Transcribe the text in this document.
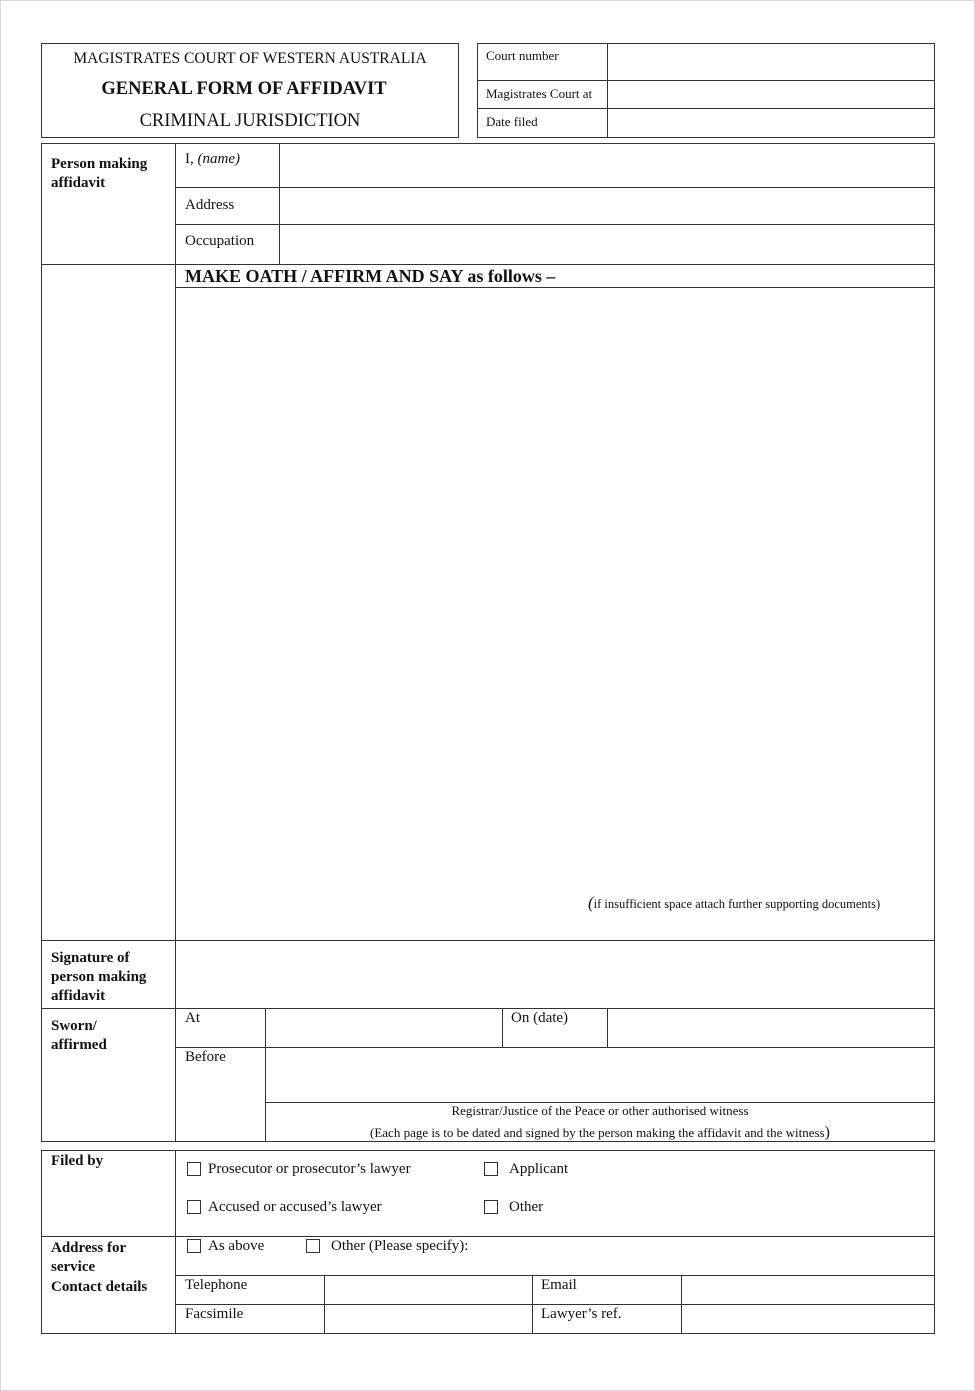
MAGISTRATES COURT OF WESTERN AUSTRALIA
GENERAL FORM OF AFFIDAVIT
CRIMINAL JURISDICTION
Court number
Magistrates Court at
Date filed
Person making affidavit
I, (name)
Address
Occupation
MAKE OATH / AFFIRM AND SAY as follows –
(if insufficient space attach further supporting documents)
Signature of person making affidavit
Sworn/ affirmed
At	On (date)
Before
Registrar/Justice of the Peace or other authorised witness
(Each page is to be dated and signed by the person making the affidavit and the witness)
Filed by	Prosecutor or prosecutor’s lawyer	Applicant
Accused or accused’s lawyer	Other
Address for service
As above	Other (Please specify):
Contact details	Telephone	Email
Facsimile	Lawyer’s ref.
